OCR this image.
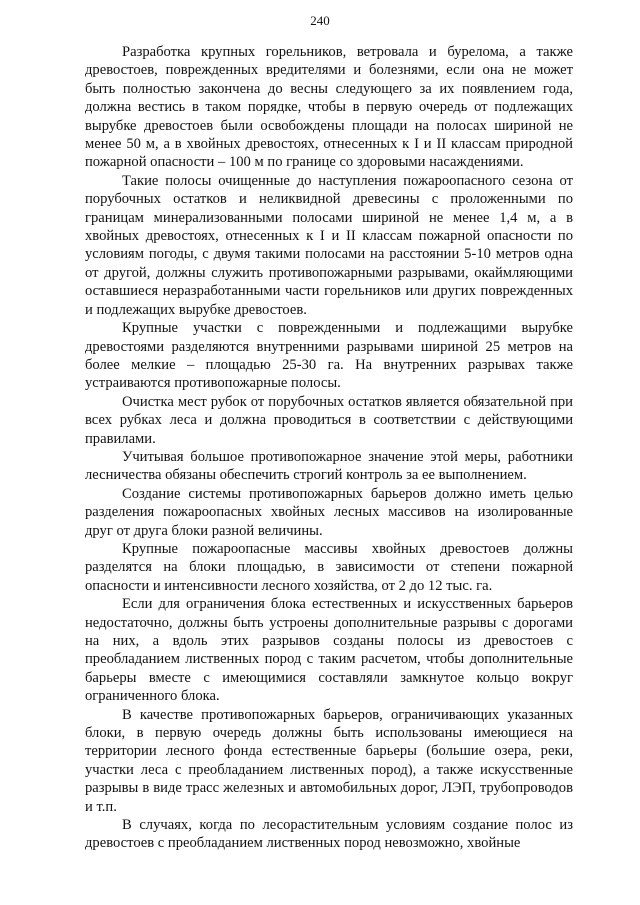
240

Разработка крупных горельников, ветровала и бурелома, а также древостоев, поврежденных вредителями и болезнями, если она не может быть полностью закончена до весны следующего за их появлением года, должна вестись в таком порядке, чтобы в первую очередь от подлежащих вырубке древостоев были освобождены площади на полосах шириной не менее 50 м, а в хвойных древостоях, отнесенных к I и II классам природной пожарной опасности – 100 м по границе со здоровыми насаждениями.

Такие полосы очищенные до наступления пожароопасного сезона от порубочных остатков и неликвидной древесины с проложенными по границам минерализованными полосами шириной не менее 1,4 м, а в хвойных древостоях, отнесенных к I и II классам пожарной опасности по условиям погоды, с двумя такими полосами на расстоянии 5-10 метров одна от другой, должны служить противопожарными разрывами, окаймляющими оставшиеся неразработанными части горельников или других поврежденных и подлежащих вырубке древостоев.

Крупные участки с поврежденными и подлежащими вырубке древостоями разделяются внутренними разрывами шириной 25 метров на более мелкие – площадью 25-30 га. На внутренних разрывах также устраиваются противопожарные полосы.

Очистка мест рубок от порубочных остатков является обязательной при всех рубках леса и должна проводиться в соответствии с действующими правилами.

Учитывая большое противопожарное значение этой меры, работники лесничества обязаны обеспечить строгий контроль за ее выполнением.

Создание системы противопожарных барьеров должно иметь целью разделения пожароопасных хвойных лесных массивов на изолированные друг от друга блоки разной величины.

Крупные пожароопасные массивы хвойных древостоев должны разделятся на блоки площадью, в зависимости от степени пожарной опасности и интенсивности лесного хозяйства, от 2 до 12 тыс. га.

Если для ограничения блока естественных и искусственных барьеров недостаточно, должны быть устроены дополнительные разрывы с дорогами на них, а вдоль этих разрывов созданы полосы из древостоев с преобладанием лиственных пород с таким расчетом, чтобы дополнительные барьеры вместе с имеющимися составляли замкнутое кольцо вокруг ограниченного блока.

В качестве противопожарных барьеров, ограничивающих указанных блоки, в первую очередь должны быть использованы имеющиеся на территории лесного фонда естественные барьеры (большие озера, реки, участки леса с преобладанием лиственных пород), а также искусственные разрывы в виде трасс железных и автомобильных дорог, ЛЭП, трубопроводов и т.п.

В случаях, когда по лесорастительным условиям создание полос из древостоев с преобладанием лиственных пород невозможно, хвойные
